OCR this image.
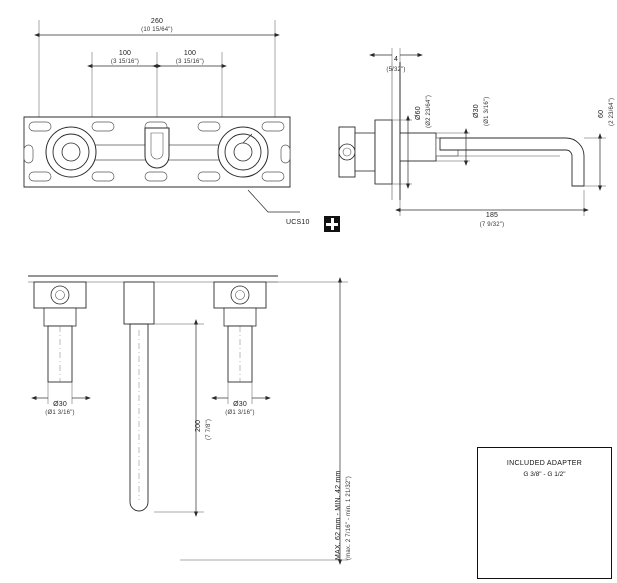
260
(10 15/64")
100
(3 15/16")
100
(3 15/16")
UCS10
4
(5/32")
Ø60 (Ø2 23/64")	Ø30 (Ø1 3/16")	60 (2 23/64")
185
(7 9/32")
Ø30
(Ø1 3/16")
Ø30
(Ø1 3/16")
200 (7 7/8")
MAX. 62 mm - MIN. 42 mm (max. 2 7/16" - min. 1 21/32")
INCLUDED ADAPTER
G 3/8" - G 1/2"
